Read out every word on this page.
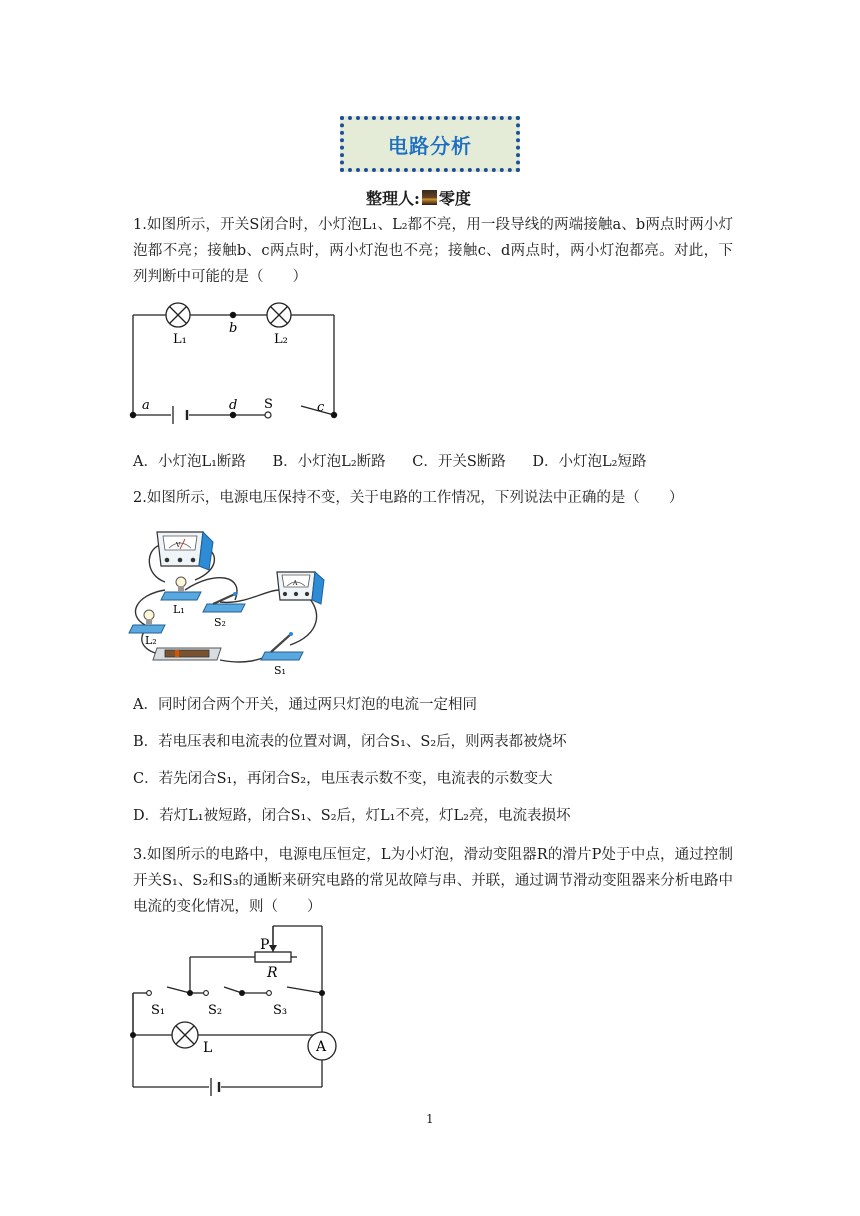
电路分析
整理人: 零度
1.如图所示，开关S闭合时，小灯泡L₁、L₂都不亮，用一段导线的两端接触a、b两点时两小灯泡都不亮；接触b、c两点时，两小灯泡也不亮；接触c、d两点时，两小灯泡都亮。对此，下列判断中可能的是（　　）
L₁	L₂
b
a	d S	c
A．小灯泡L₁断路 B．小灯泡L₂断路 C．开关S断路 D．小灯泡L₂短路
2.如图所示，电源电压保持不变，关于电路的工作情况，下列说法中正确的是（　　）
V
A
L₁
L₂
S₂
S₁
A．同时闭合两个开关，通过两只灯泡的电流一定相同
B．若电压表和电流表的位置对调，闭合S₁、S₂后，则两表都被烧坏
C．若先闭合S₁，再闭合S₂，电压表示数不变，电流表的示数变大
D．若灯L₁被短路，闭合S₁、S₂后，灯L₁不亮，灯L₂亮，电流表损坏
3.如图所示的电路中，电源电压恒定，L为小灯泡，滑动变阻器R的滑片P处于中点，通过控制开关S₁、S₂和S₃的通断来研究电路的常见故障与串、并联，通过调节滑动变阻器来分析电路中电流的变化情况，则（　　）
A
P
R
S₁	S₂	S₃
L
1
